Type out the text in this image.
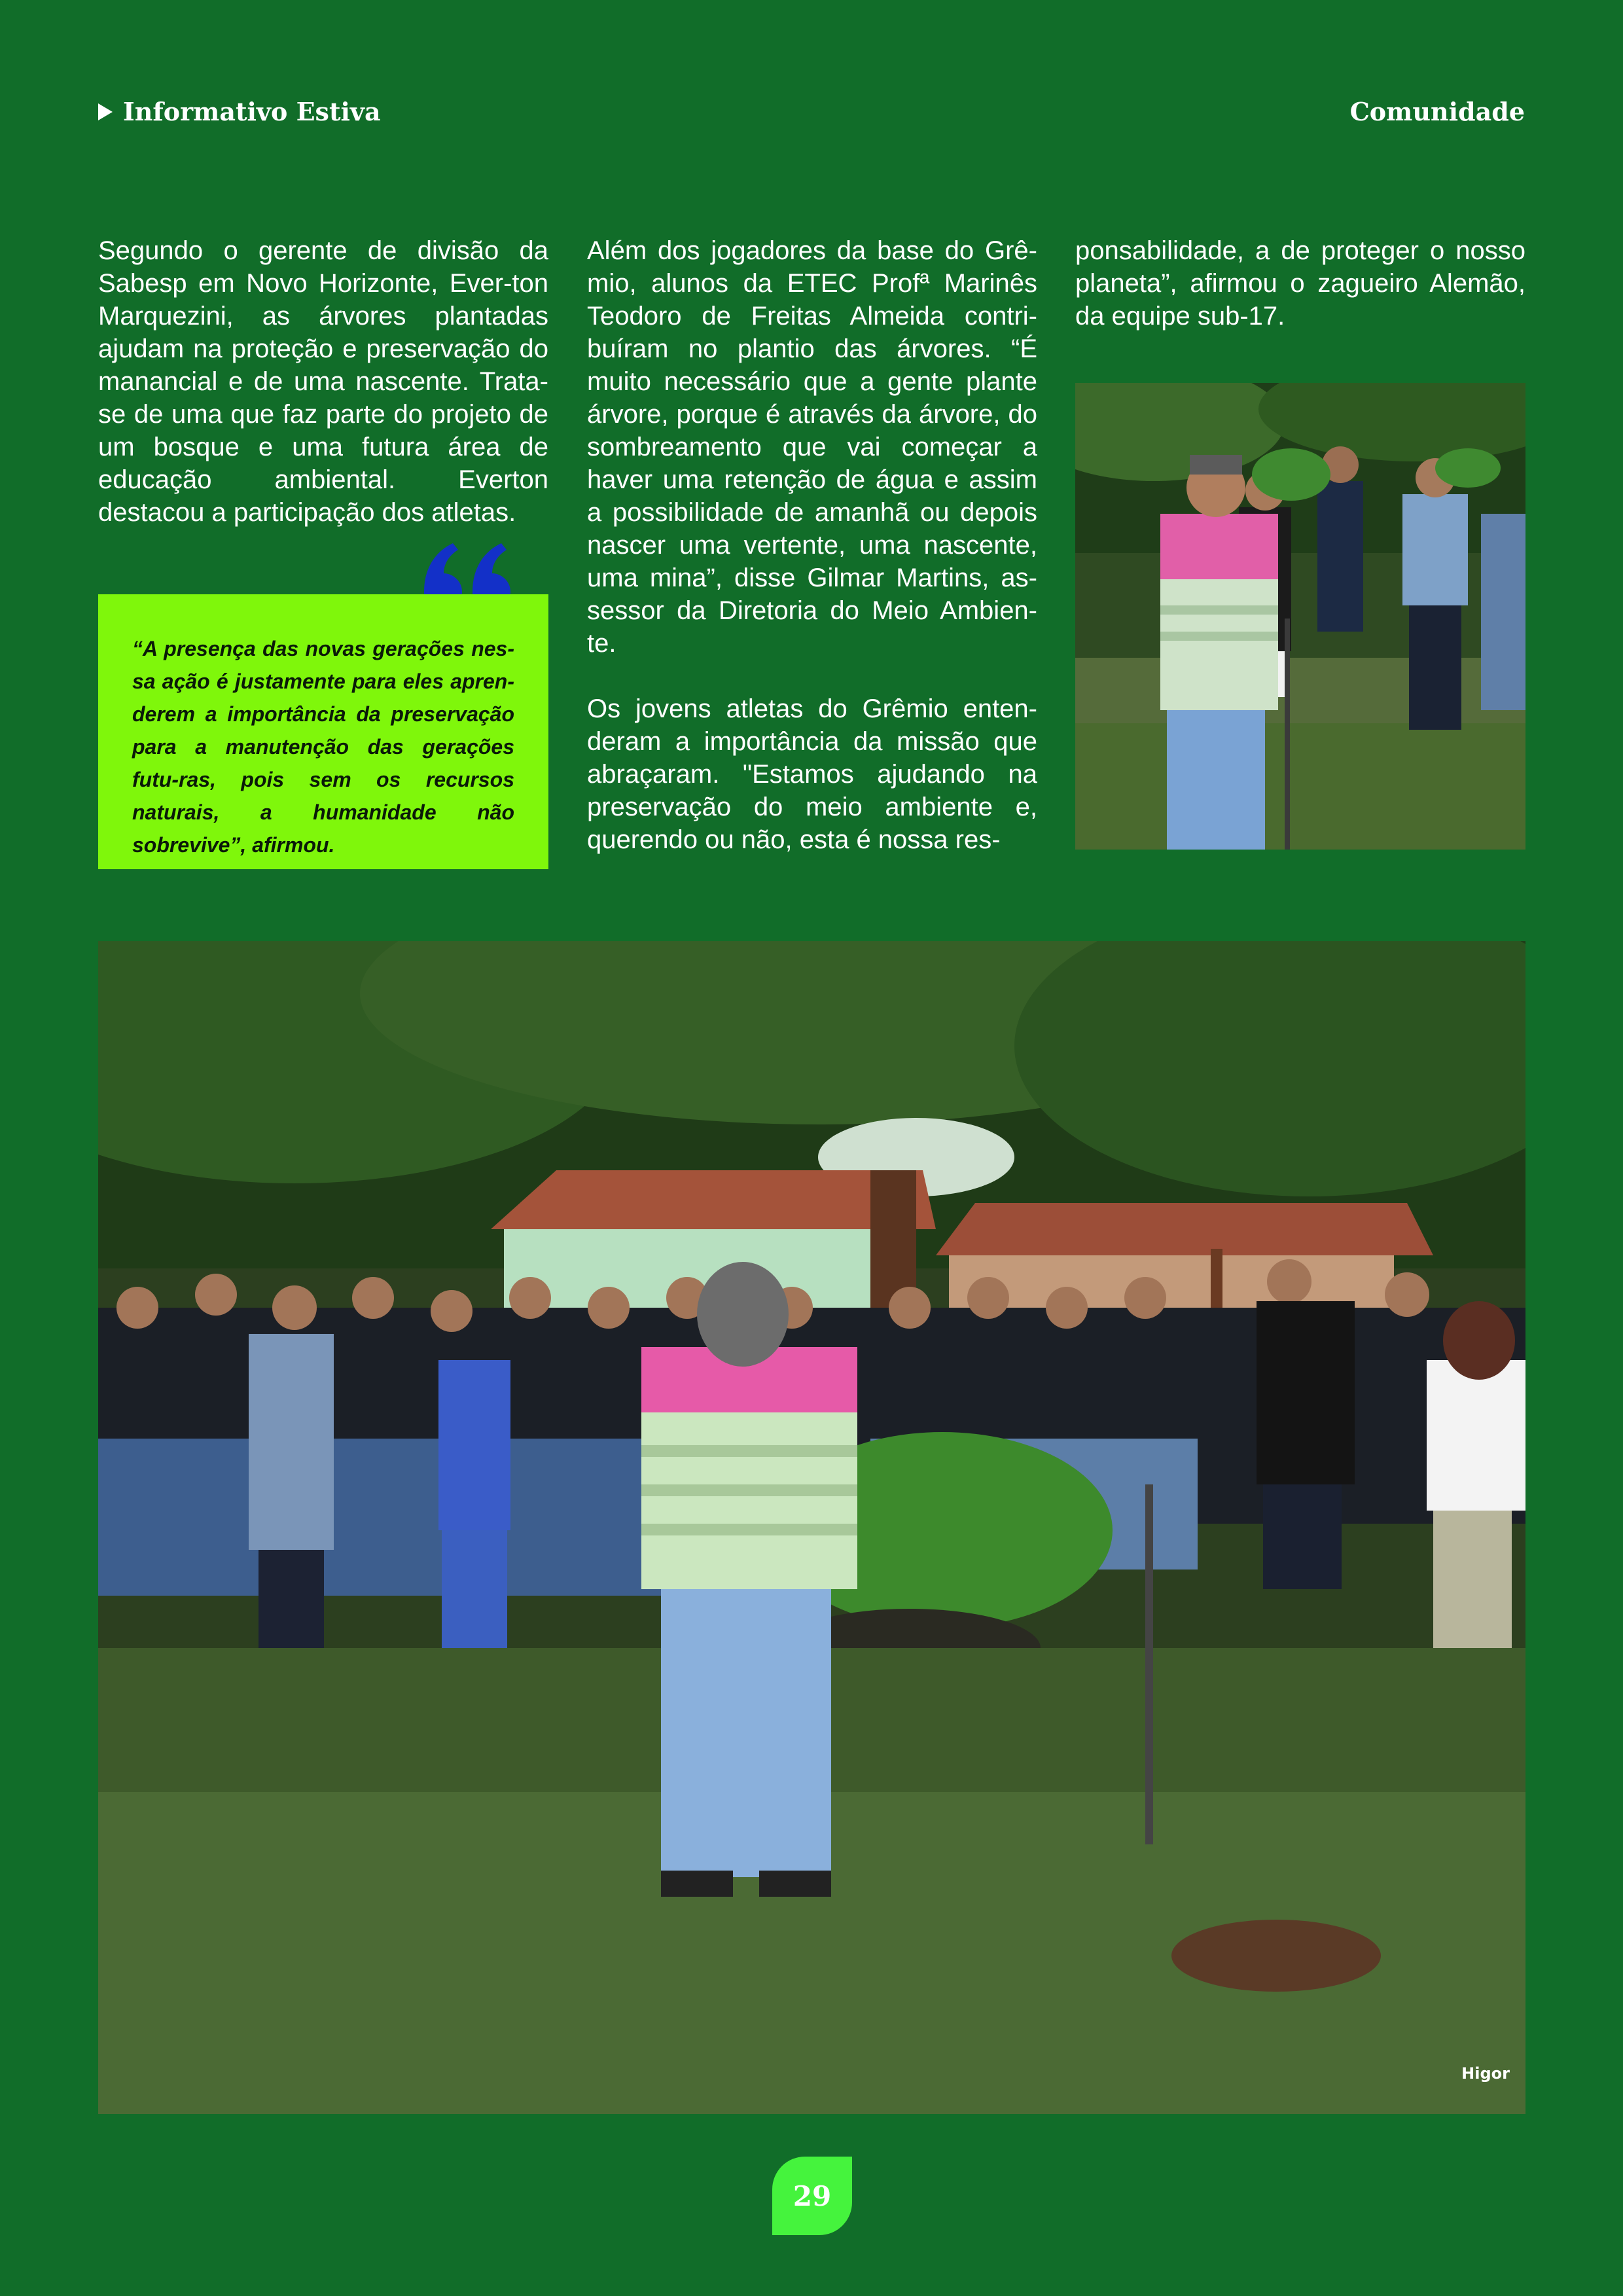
Informativo Estiva	Comunidade

Segundo o gerente de divisão da Sabesp em Novo Horizonte, Ever-ton Marquezini, as árvores plantadas ajudam na proteção e preservação do manancial e de uma nascente. Trata-se de uma que faz parte do projeto de um bosque e uma futura área de educação ambiental. Everton destacou a participação dos atletas.

“A presença das novas gerações nes-sa ação é justamente para eles apren-derem a importância da preservação para a manutenção das gerações futu-ras, pois sem os recursos naturais, a humanidade não sobrevive”, afirmou.

Além dos jogadores da base do Grê-mio, alunos da ETEC Profª Marinês Teodoro de Freitas Almeida contri-buíram no plantio das árvores. “É muito necessário que a gente plante árvore, porque é através da árvore, do sombreamento que vai começar a haver uma retenção de água e assim a possibilidade de amanhã ou depois nascer uma vertente, uma nascente, uma mina”, disse Gilmar Martins, as-sessor da Diretoria do Meio Ambien-te.

Os jovens atletas do Grêmio enten-deram a importância da missão que abraçaram. "Estamos ajudando na preservação do meio ambiente e, querendo ou não, esta é nossa res-

ponsabilidade, a de proteger o nosso planeta”, afirmou o zagueiro Alemão, da equipe sub-17.

Higor
29
